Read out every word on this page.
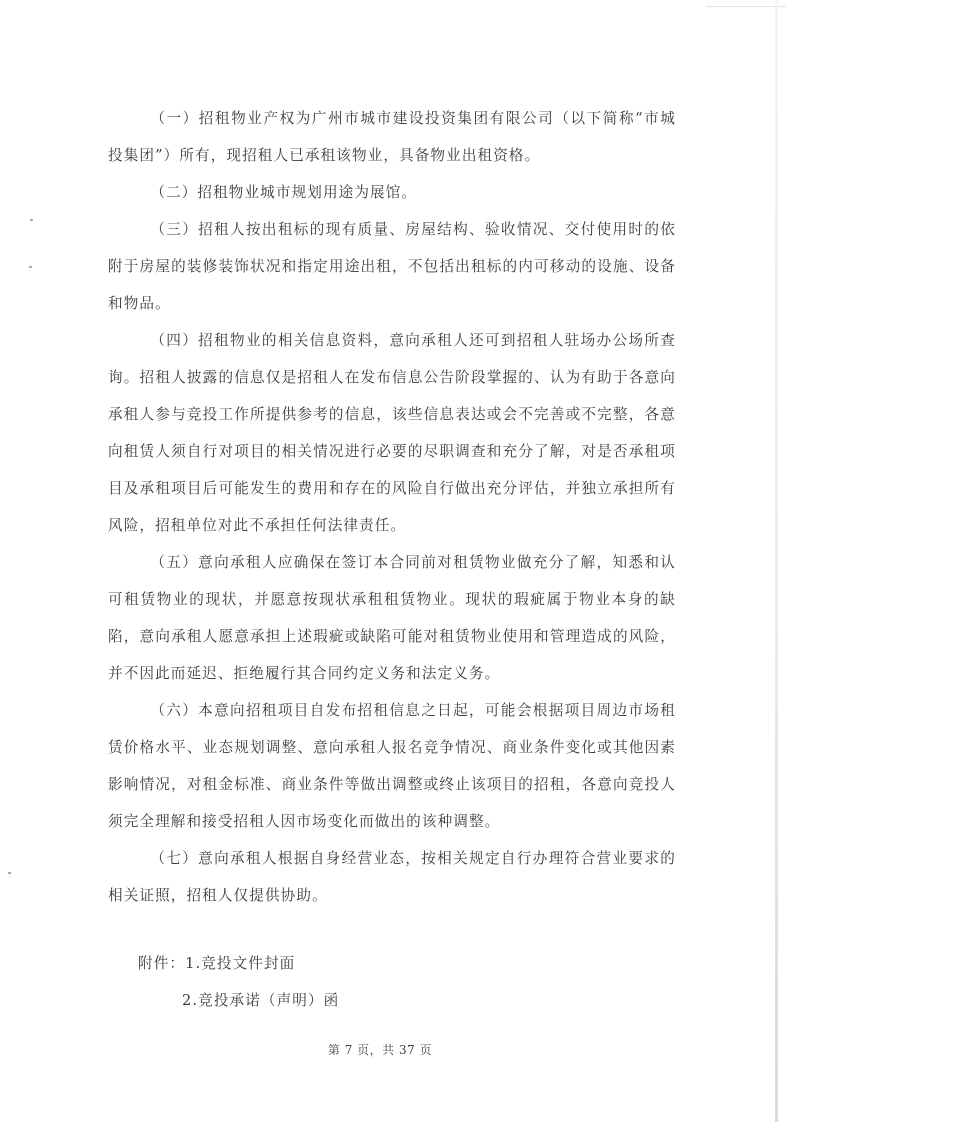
（一）招租物业产权为广州市城市建设投资集团有限公司（以下简称“市城投集团”）所有，现招租人已承租该物业，具备物业出租资格。

（二）招租物业城市规划用途为展馆。

（三）招租人按出租标的现有质量、房屋结构、验收情况、交付使用时的依附于房屋的装修装饰状况和指定用途出租，不包括出租标的内可移动的设施、设备和物品。

（四）招租物业的相关信息资料，意向承租人还可到招租人驻场办公场所查询。招租人披露的信息仅是招租人在发布信息公告阶段掌握的、认为有助于各意向承租人参与竞投工作所提供参考的信息，该些信息表达或会不完善或不完整，各意向租赁人须自行对项目的相关情况进行必要的尽职调查和充分了解，对是否承租项目及承租项目后可能发生的费用和存在的风险自行做出充分评估，并独立承担所有风险，招租单位对此不承担任何法律责任。

（五）意向承租人应确保在签订本合同前对租赁物业做充分了解，知悉和认可租赁物业的现状，并愿意按现状承租租赁物业。现状的瑕疵属于物业本身的缺陷，意向承租人愿意承担上述瑕疵或缺陷可能对租赁物业使用和管理造成的风险，并不因此而延迟、拒绝履行其合同约定义务和法定义务。

（六）本意向招租项目自发布招租信息之日起，可能会根据项目周边市场租赁价格水平、业态规划调整、意向承租人报名竞争情况、商业条件变化或其他因素影响情况，对租金标准、商业条件等做出调整或终止该项目的招租，各意向竞投人须完全理解和接受招租人因市场变化而做出的该种调整。

（七）意向承租人根据自身经营业态，按相关规定自行办理符合营业要求的相关证照，招租人仅提供协助。

附件：1.竞投文件封面
2.竞投承诺（声明）函
第 7 页，共 37 页
